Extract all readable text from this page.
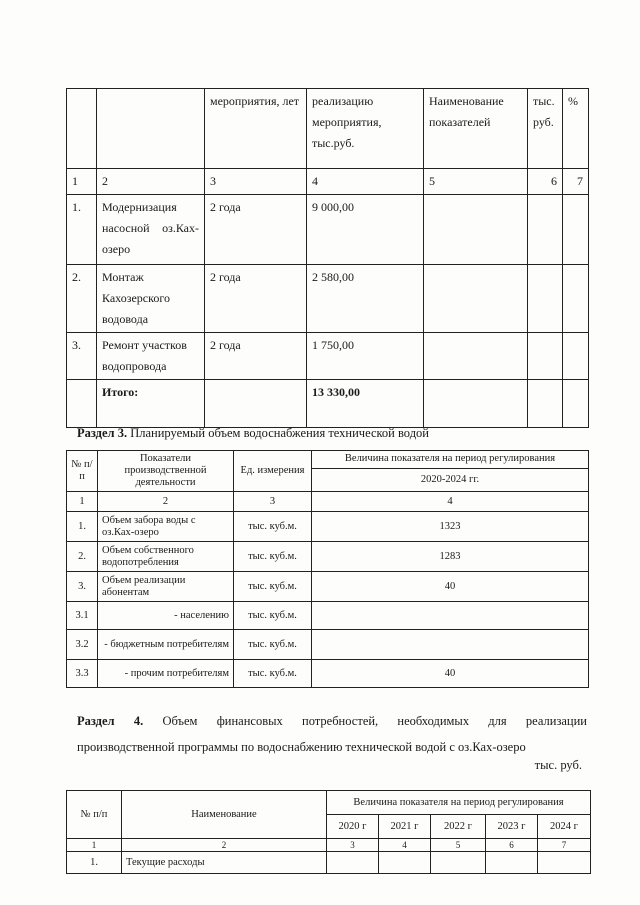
		мероприятия, лет	реализацию мероприятия, тыс.руб.	Наименование показателей	тыс. руб.	%
1	2	3	4	5	6	7
1.	Модернизация насосной оз.Ках-озеро	2 года	9 000,00			
2.	Монтаж Кахозерского водовода	2 года	2 580,00			
3.	Ремонт участков водопровода	2 года	1 750,00			
	Итого:		13 330,00			
Раздел 3. Планируемый объем водоснабжения технической водой
№ п/п	Показатели производственной деятельности	Ед. измерения	Величина показателя на период регулирования
			2020-2024 гг.
1	2	3	4
1.	Объем забора воды с оз.Ках-озеро	тыс. куб.м.	1323
2.	Объем собственного водопотребления	тыс. куб.м.	1283
3.	Объем реализации абонентам	тыс. куб.м.	40
3.1	- населению	тыс. куб.м.	
3.2	- бюджетным потребителям	тыс. куб.м.	
3.3	- прочим потребителям	тыс. куб.м.	40
Раздел 4. Объем финансовых потребностей, необходимых для реализации
производственной программы по водоснабжению технической водой с оз.Ках-озеро
тыс. руб.
№ п/п	Наименование	Величина показателя на период регулирования				
		2020 г	2021 г	2022 г	2023 г	2024 г
1	2	3	4	5	6	7
1.	Текущие расходы					
